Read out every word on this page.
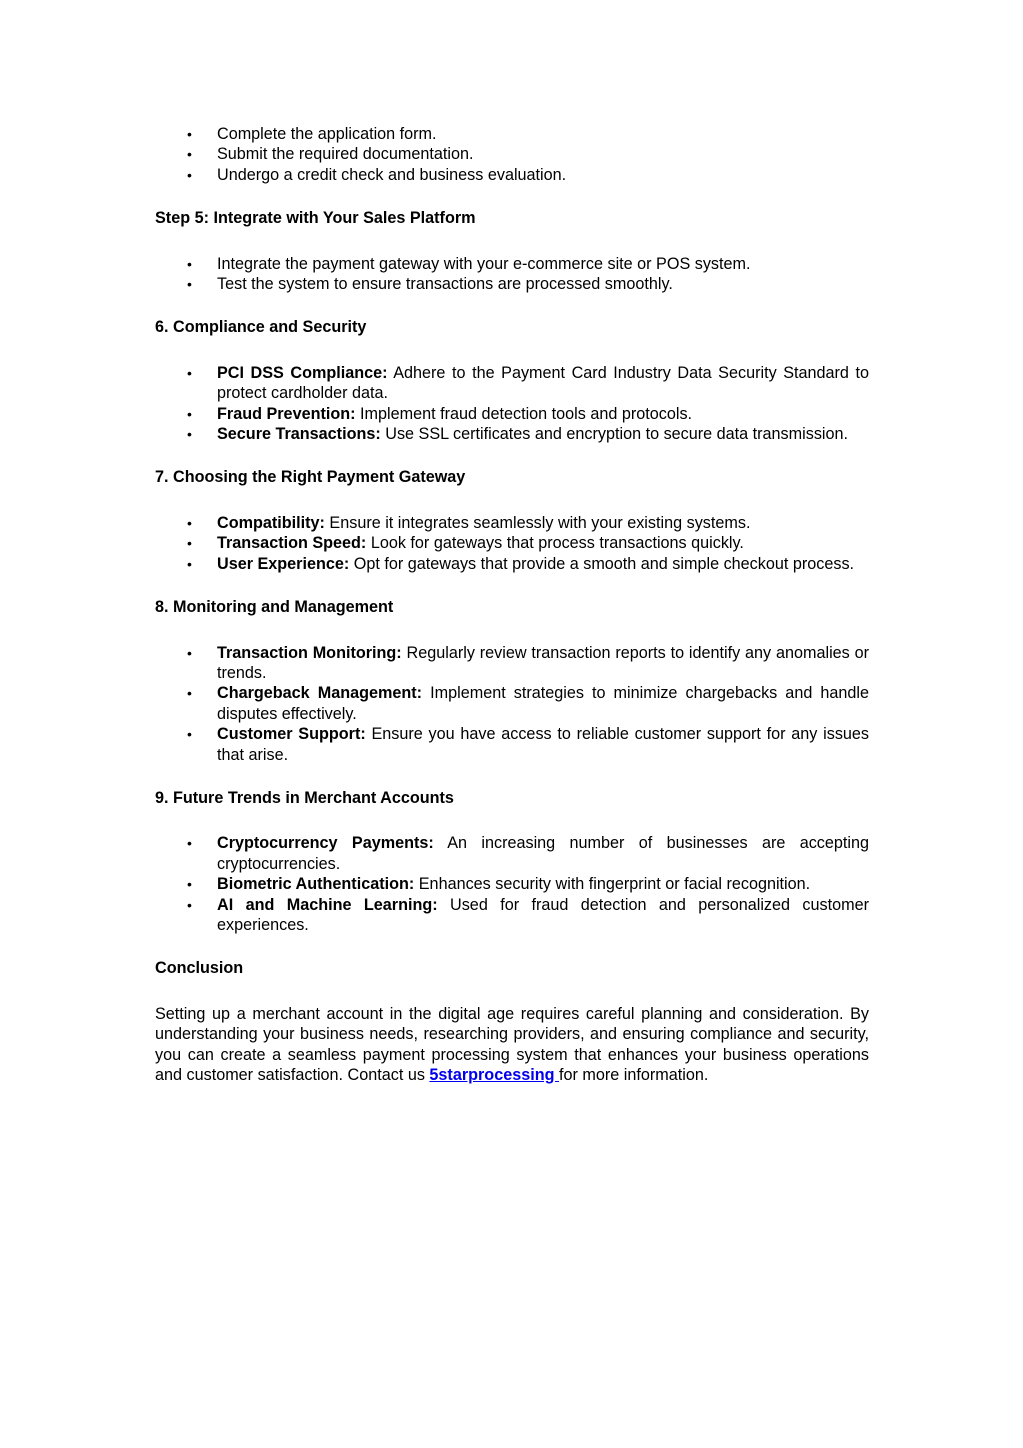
• Complete the application form.
• Submit the required documentation.
• Undergo a credit check and business evaluation.

Step 5: Integrate with Your Sales Platform

• Integrate the payment gateway with your e-commerce site or POS system.
• Test the system to ensure transactions are processed smoothly.

6. Compliance and Security

• PCI DSS Compliance: Adhere to the Payment Card Industry Data Security Standard to protect cardholder data.
• Fraud Prevention: Implement fraud detection tools and protocols.
• Secure Transactions: Use SSL certificates and encryption to secure data transmission.

7. Choosing the Right Payment Gateway

• Compatibility: Ensure it integrates seamlessly with your existing systems.
• Transaction Speed: Look for gateways that process transactions quickly.
• User Experience: Opt for gateways that provide a smooth and simple checkout process.

8. Monitoring and Management

• Transaction Monitoring: Regularly review transaction reports to identify any anomalies or trends.
• Chargeback Management: Implement strategies to minimize chargebacks and handle disputes effectively.
• Customer Support: Ensure you have access to reliable customer support for any issues that arise.

9. Future Trends in Merchant Accounts

• Cryptocurrency Payments: An increasing number of businesses are accepting cryptocurrencies.
• Biometric Authentication: Enhances security with fingerprint or facial recognition.
• AI and Machine Learning: Used for fraud detection and personalized customer experiences.

Conclusion

Setting up a merchant account in the digital age requires careful planning and consideration. By understanding your business needs, researching providers, and ensuring compliance and security, you can create a seamless payment processing system that enhances your business operations and customer satisfaction. Contact us 5starprocessing for more information.
